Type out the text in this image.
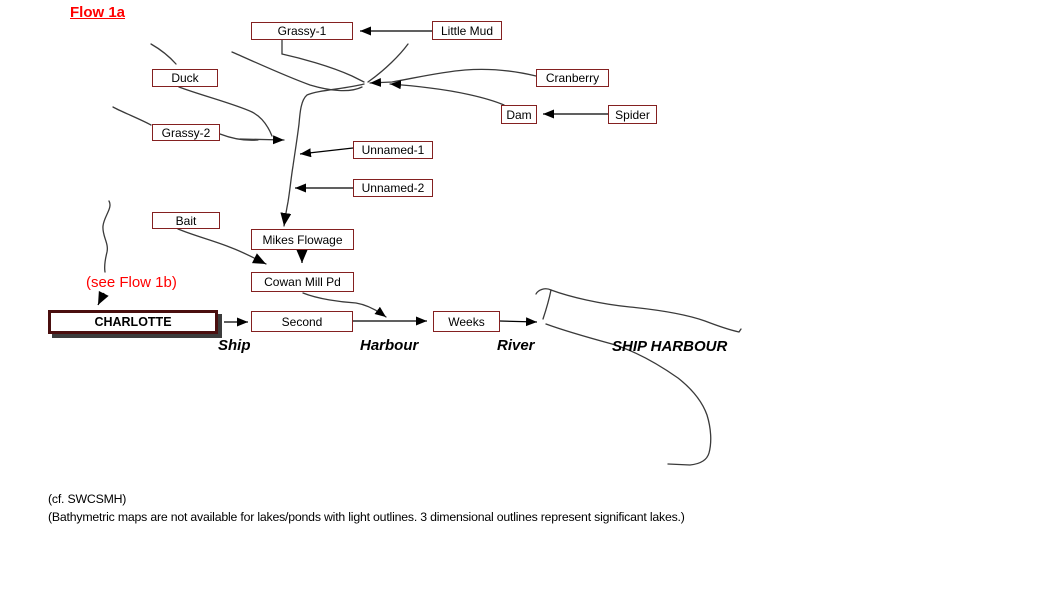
Flow 1a
(see Flow 1b)
Grassy-1	Little Mud
Duck	Cranberry
Dam	Spider
Grassy-2
Unnamed-1
Unnamed-2
Bait
Mikes Flowage
Cowan Mill Pd
CHARLOTTE	Second	Weeks
Ship	Harbour	River	SHIP HARBOUR
(cf. SWCSMH)
(Bathymetric maps are not available for lakes/ponds with light outlines. 3 dimensional outlines represent significant lakes.)
